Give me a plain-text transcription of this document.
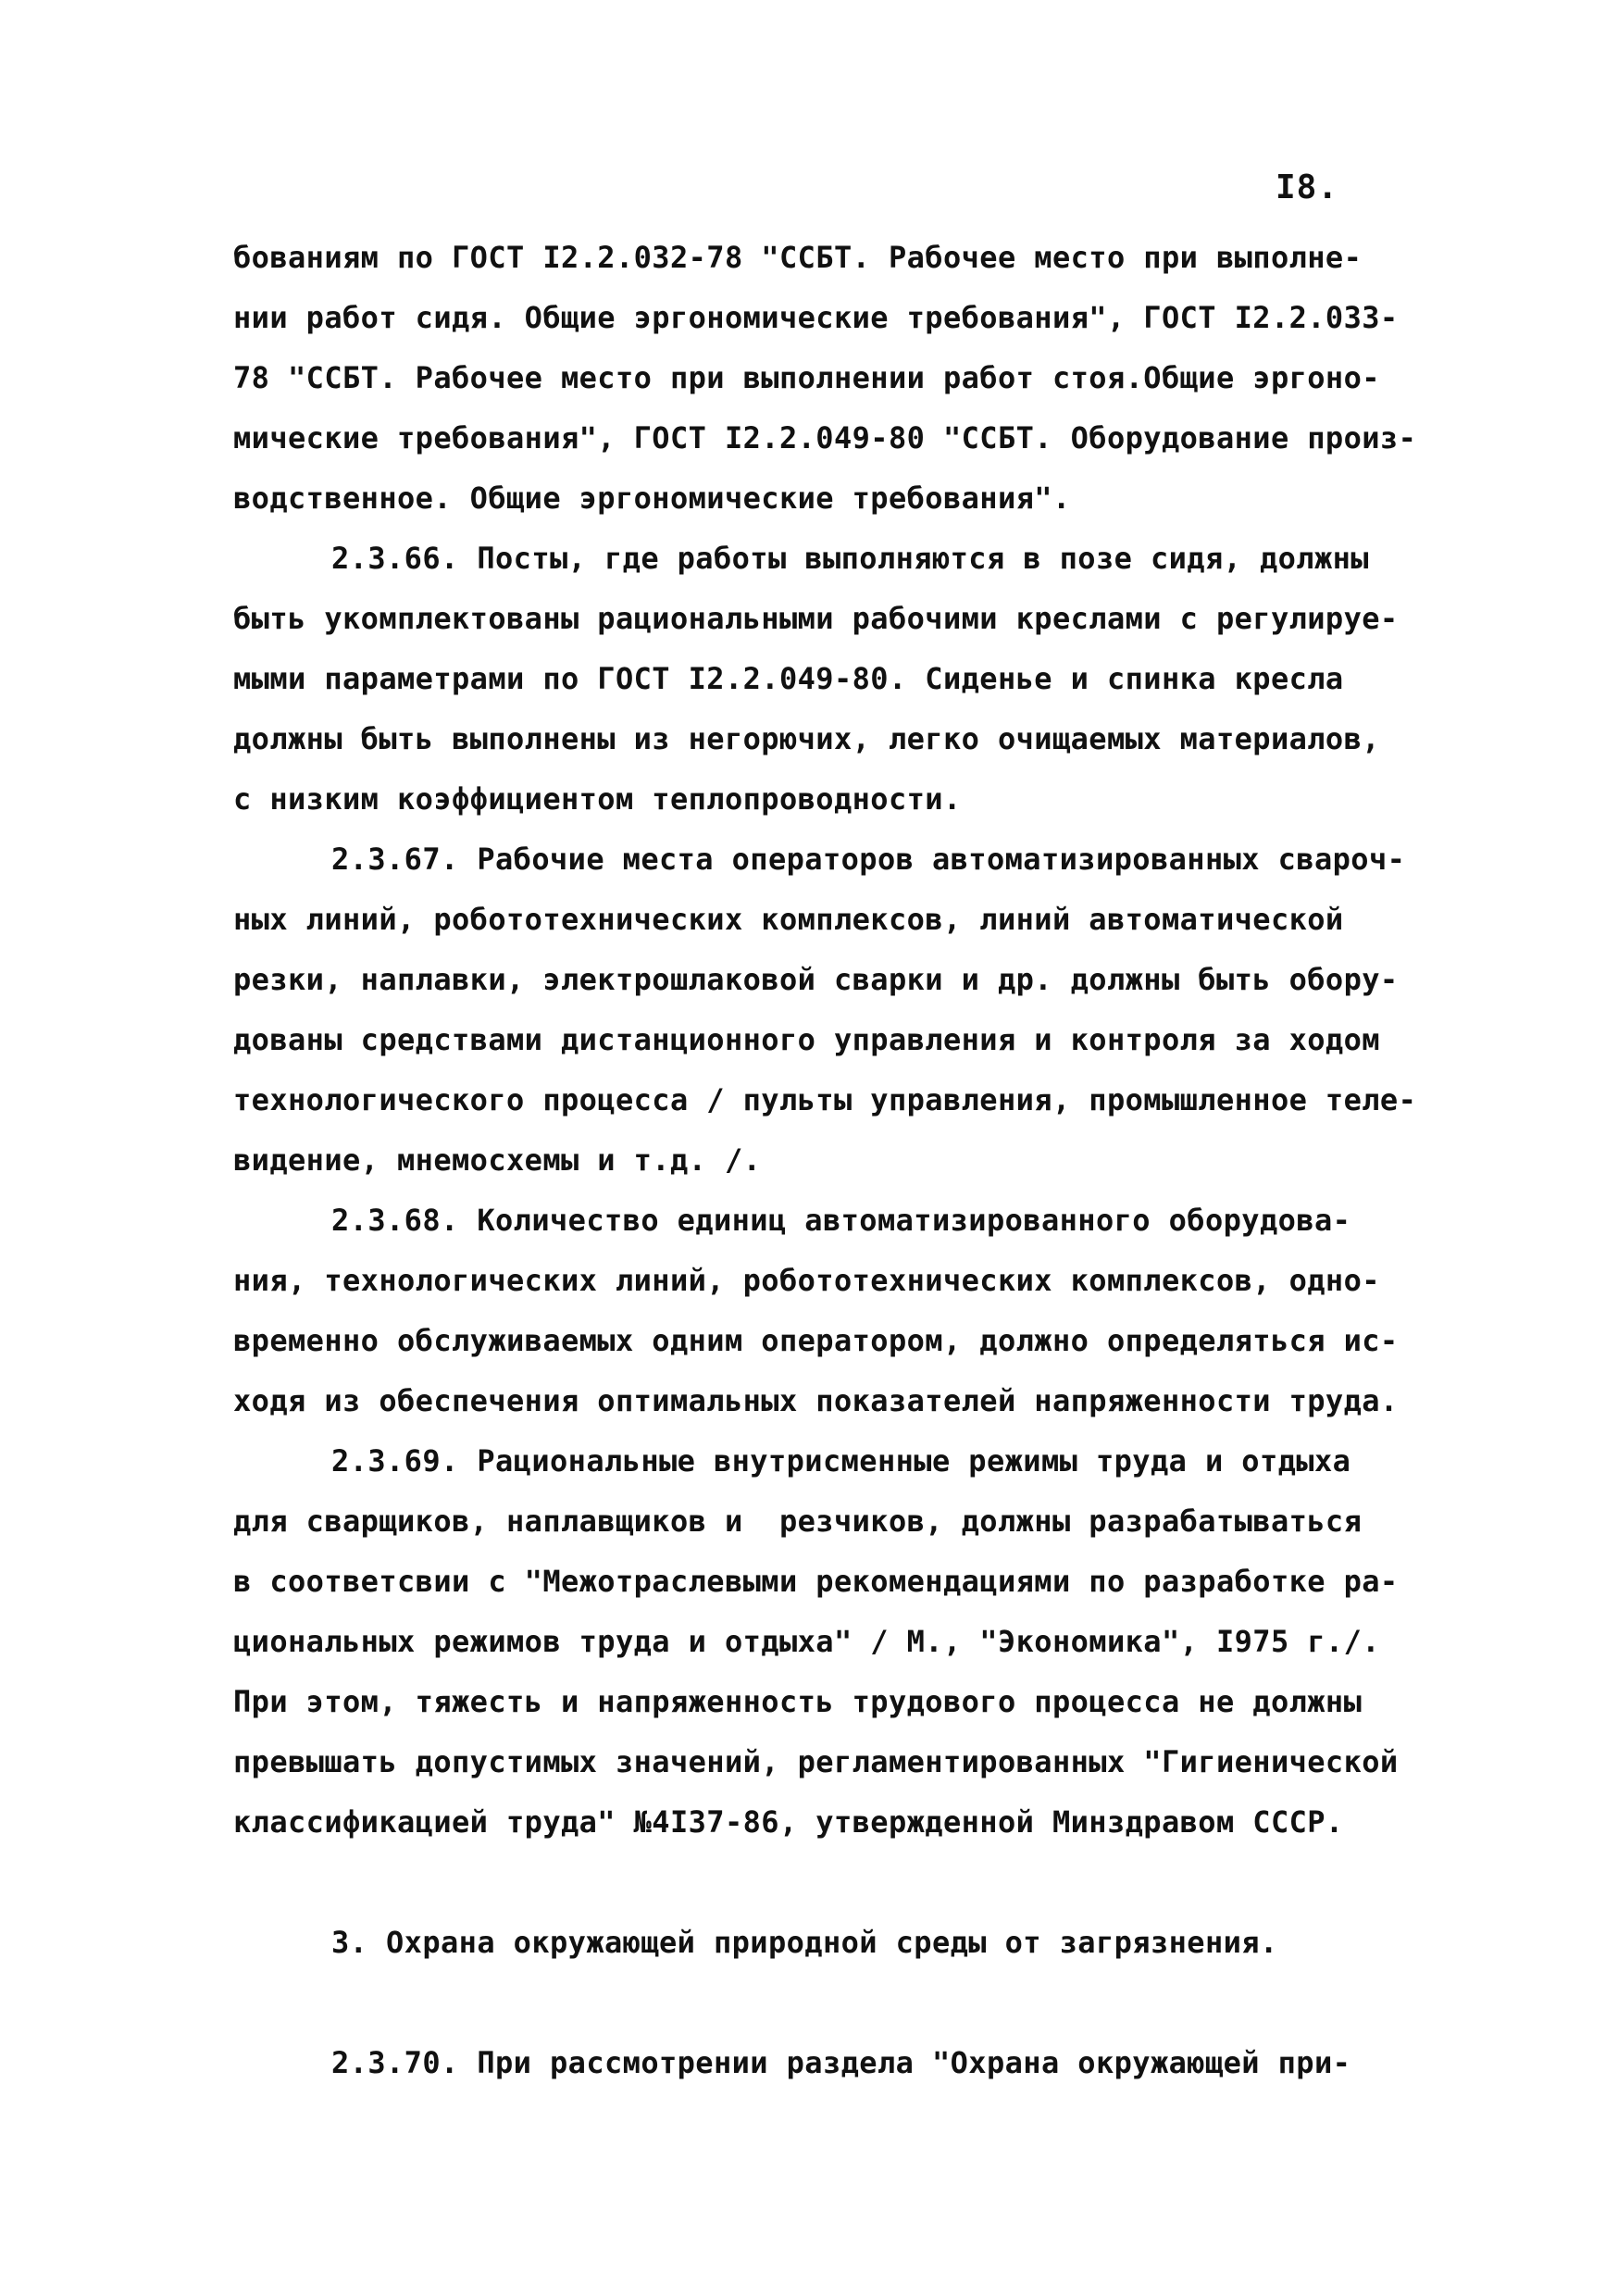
I8.
бованиям по ГОСТ I2.2.032-78 "ССБТ. Рабочее место при выполне-
нии работ сидя. Общие эргономические требования", ГОСТ I2.2.033-
78 "ССБТ. Рабочее место при выполнении работ стоя.Общие эргоно-
мические требования", ГОСТ I2.2.049-80 "ССБТ. Оборудование произ-
водственное. Общие эргономические требования".
2.3.66. Посты, где работы выполняются в позе сидя, должны
быть укомплектованы рациональными рабочими креслами с регулируе-
мыми параметрами по ГОСТ I2.2.049-80. Сиденье и спинка кресла
должны быть выполнены из негорючих, легко очищаемых материалов,
с низким коэффициентом теплопроводности.
2.3.67. Рабочие места операторов автоматизированных свароч-
ных линий, робототехнических комплексов, линий автоматической
резки, наплавки, электрошлаковой сварки и др. должны быть обору-
дованы средствами дистанционного управления и контроля за ходом
технологического процесса / пульты управления, промышленное теле-
видение, мнемосхемы и т.д. /.
2.3.68. Количество единиц автоматизированного оборудова-
ния, технологических линий, робототехнических комплексов, одно-
временно обслуживаемых одним оператором, должно определяться ис-
ходя из обеспечения оптимальных показателей напряженности труда.
2.3.69. Рациональные внутрисменные режимы труда и отдыха
для сварщиков, наплавщиков и  резчиков, должны разрабатываться
в соответсвии с "Межотраслевыми рекомендациями по разработке ра-
циональных режимов труда и отдыха" / М., "Экономика", I975 г./.
При этом, тяжесть и напряженность трудового процесса не должны
превышать допустимых значений, регламентированных "Гигиенической
классификацией труда" №4I37-86, утвержденной Минздравом СССР.
3. Охрана окружающей природной среды от загрязнения.
2.3.70. При рассмотрении раздела "Охрана окружающей при-
